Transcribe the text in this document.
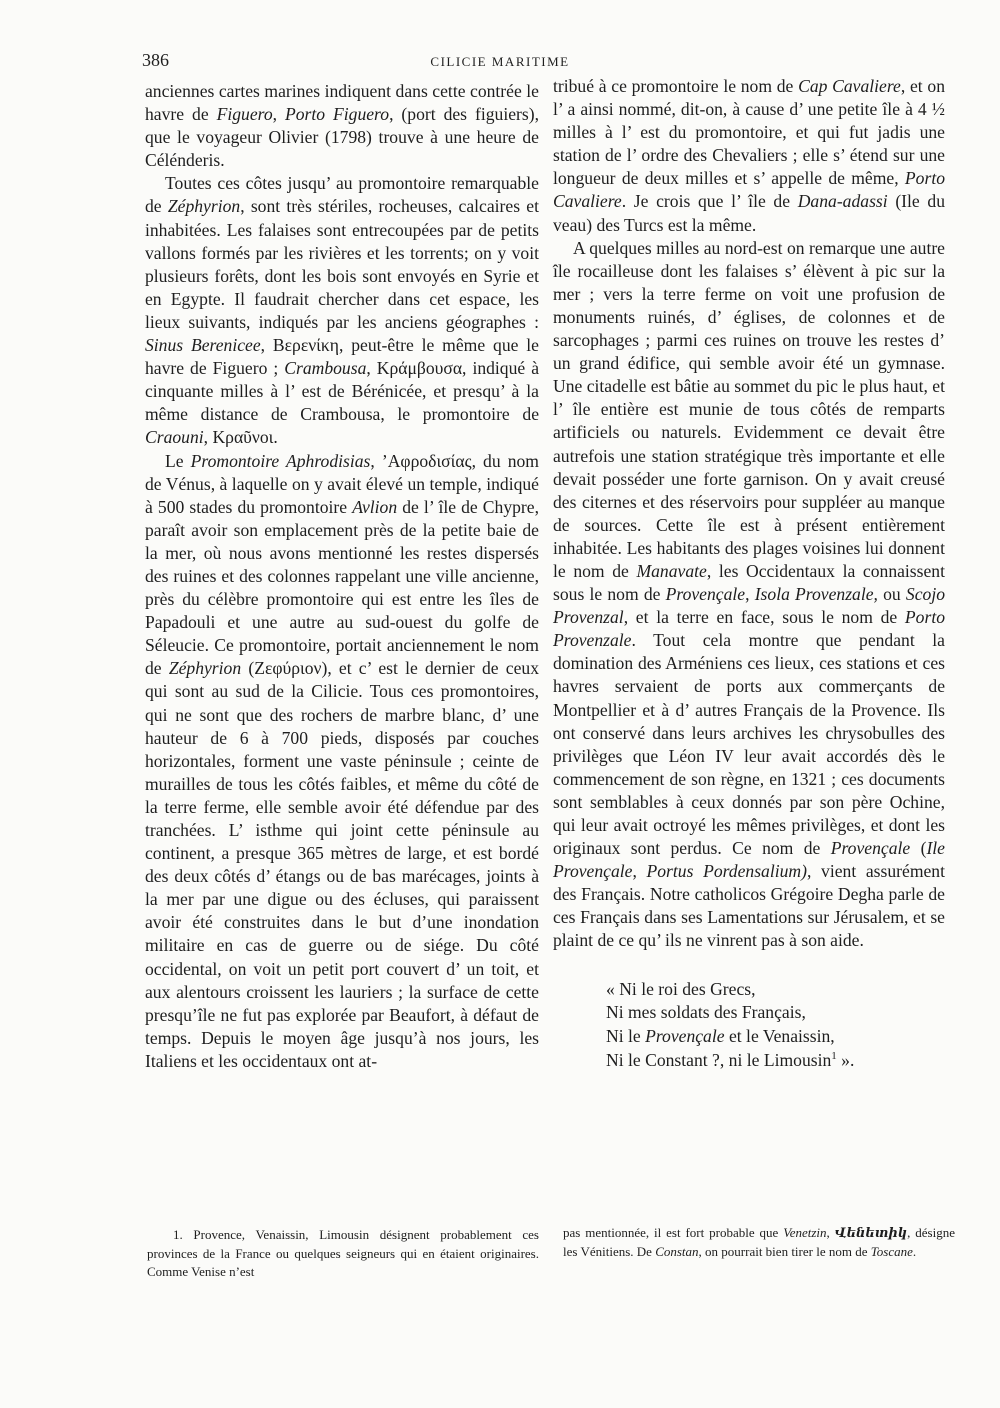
386	CILICIE MARITIME

anciennes cartes marines indiquent dans cette contrée le havre de Figuero, Porto Figuero, (port des figuiers), que le voyageur Olivier (1798) trouve à une heure de Célénderis.

Toutes ces côtes jusqu’ au promontoire remarquable de Zéphyrion, sont très stériles, rocheuses, calcaires et inhabitées. Les falaises sont entrecoupées par de petits vallons formés par les rivières et les torrents; on y voit plusieurs forêts, dont les bois sont envoyés en Syrie et en Egypte. Il faudrait chercher dans cet espace, les lieux suivants, indiqués par les anciens géographes : Sinus Berenicee, Βερενίκη, peut-être le même que le havre de Figuero ; Crambousa, Κράμβουσα, indiqué à cinquante milles à l’ est de Bérénicée, et presqu’ à la même distance de Crambousa, le promontoire de Craouni, Κραῦνοι.

Le Promontoire Aphrodisias, ’Αφροδισίας, du nom de Vénus, à laquelle on y avait élevé un temple, indiqué à 500 stades du promontoire Avlion de l’ île de Chypre, paraît avoir son emplacement près de la petite baie de la mer, où nous avons mentionné les restes dispersés des ruines et des colonnes rappelant une ville ancienne, près du célèbre promontoire qui est entre les îles de Papadouli et une autre au sud-ouest du golfe de Séleucie. Ce promontoire, portait anciennement le nom de Zéphyrion (Ζεφύριον), et c’ est le dernier de ceux qui sont au sud de la Cilicie. Tous ces promontoires, qui ne sont que des rochers de marbre blanc, d’ une hauteur de 6 à 700 pieds, disposés par couches horizontales, forment une vaste péninsule ; ceinte de murailles de tous les côtés faibles, et même du côté de la terre ferme, elle semble avoir été défendue par des tranchées. L’ isthme qui joint cette péninsule au continent, a presque 365 mètres de large, et est bordé des deux côtés d’ étangs ou de bas marécages, joints à la mer par une digue ou des écluses, qui paraissent avoir été construites dans le but d’une inondation militaire en cas de guerre ou de siége. Du côté occidental, on voit un petit port couvert d’ un toit, et aux alentours croissent les lauriers ; la surface de cette presqu’île ne fut pas explorée par Beaufort, à défaut de temps. Depuis le moyen âge jusqu’à nos jours, les Italiens et les occidentaux ont at-

tribué à ce promontoire le nom de Cap Cavaliere, et on l’ a ainsi nommé, dit-on, à cause d’ une petite île à 4 ½ milles à l’ est du promontoire, et qui fut jadis une station de l’ ordre des Chevaliers ; elle s’ étend sur une longueur de deux milles et s’ appelle de même, Porto Cavaliere. Je crois que l’ île de Dana-adassi (Ile du veau) des Turcs est la même.

A quelques milles au nord-est on remarque une autre île rocailleuse dont les falaises s’ élèvent à pic sur la mer ; vers la terre ferme on voit une profusion de monuments ruinés, d’ églises, de colonnes et de sarcophages ; parmi ces ruines on trouve les restes d’ un grand édifice, qui semble avoir été un gymnase. Une citadelle est bâtie au sommet du pic le plus haut, et l’ île entière est munie de tous côtés de remparts artificiels ou naturels. Evidemment ce devait être autrefois une station stratégique très importante et elle devait posséder une forte garnison. On y avait creusé des citernes et des réservoirs pour suppléer au manque de sources. Cette île est à présent entièrement inhabitée. Les habitants des plages voisines lui donnent le nom de Manavate, les Occidentaux la connaissent sous le nom de Provençale, Isola Provenzale, ou Scojo Provenzal, et la terre en face, sous le nom de Porto Provenzale. Tout cela montre que pendant la domination des Arméniens ces lieux, ces stations et ces havres servaient de ports aux commerçants de Montpellier et à d’ autres Français de la Provence. Ils ont conservé dans leurs archives les chrysobulles des privilèges que Léon IV leur avait accordés dès le commencement de son règne, en 1321 ; ces documents sont semblables à ceux donnés par son père Ochine, qui leur avait octroyé les mêmes privilèges, et dont les originaux sont perdus. Ce nom de Provençale (Ile Provençale, Portus Pordensalium), vient assurément des Français. Notre catholicos Grégoire Degha parle de ces Français dans ses Lamentations sur Jérusalem, et se plaint de ce qu’ ils ne vinrent pas à son aide.

« Ni le roi des Grecs,
Ni mes soldats des Français,
Ni le Provençale et le Venaissin,
Ni le Constant ?, ni le Limousin$^1$ ».
1. Provence, Venaissin, Limousin désignent probablement ces provinces de la France ou quelques seigneurs qui en étaient originaires. Comme Venise n’est
pas mentionnée, il est fort probable que Venetzin, Վենետիկ, désigne les Vénitiens. De Constan, on pourrait bien tirer le nom de Toscane.
